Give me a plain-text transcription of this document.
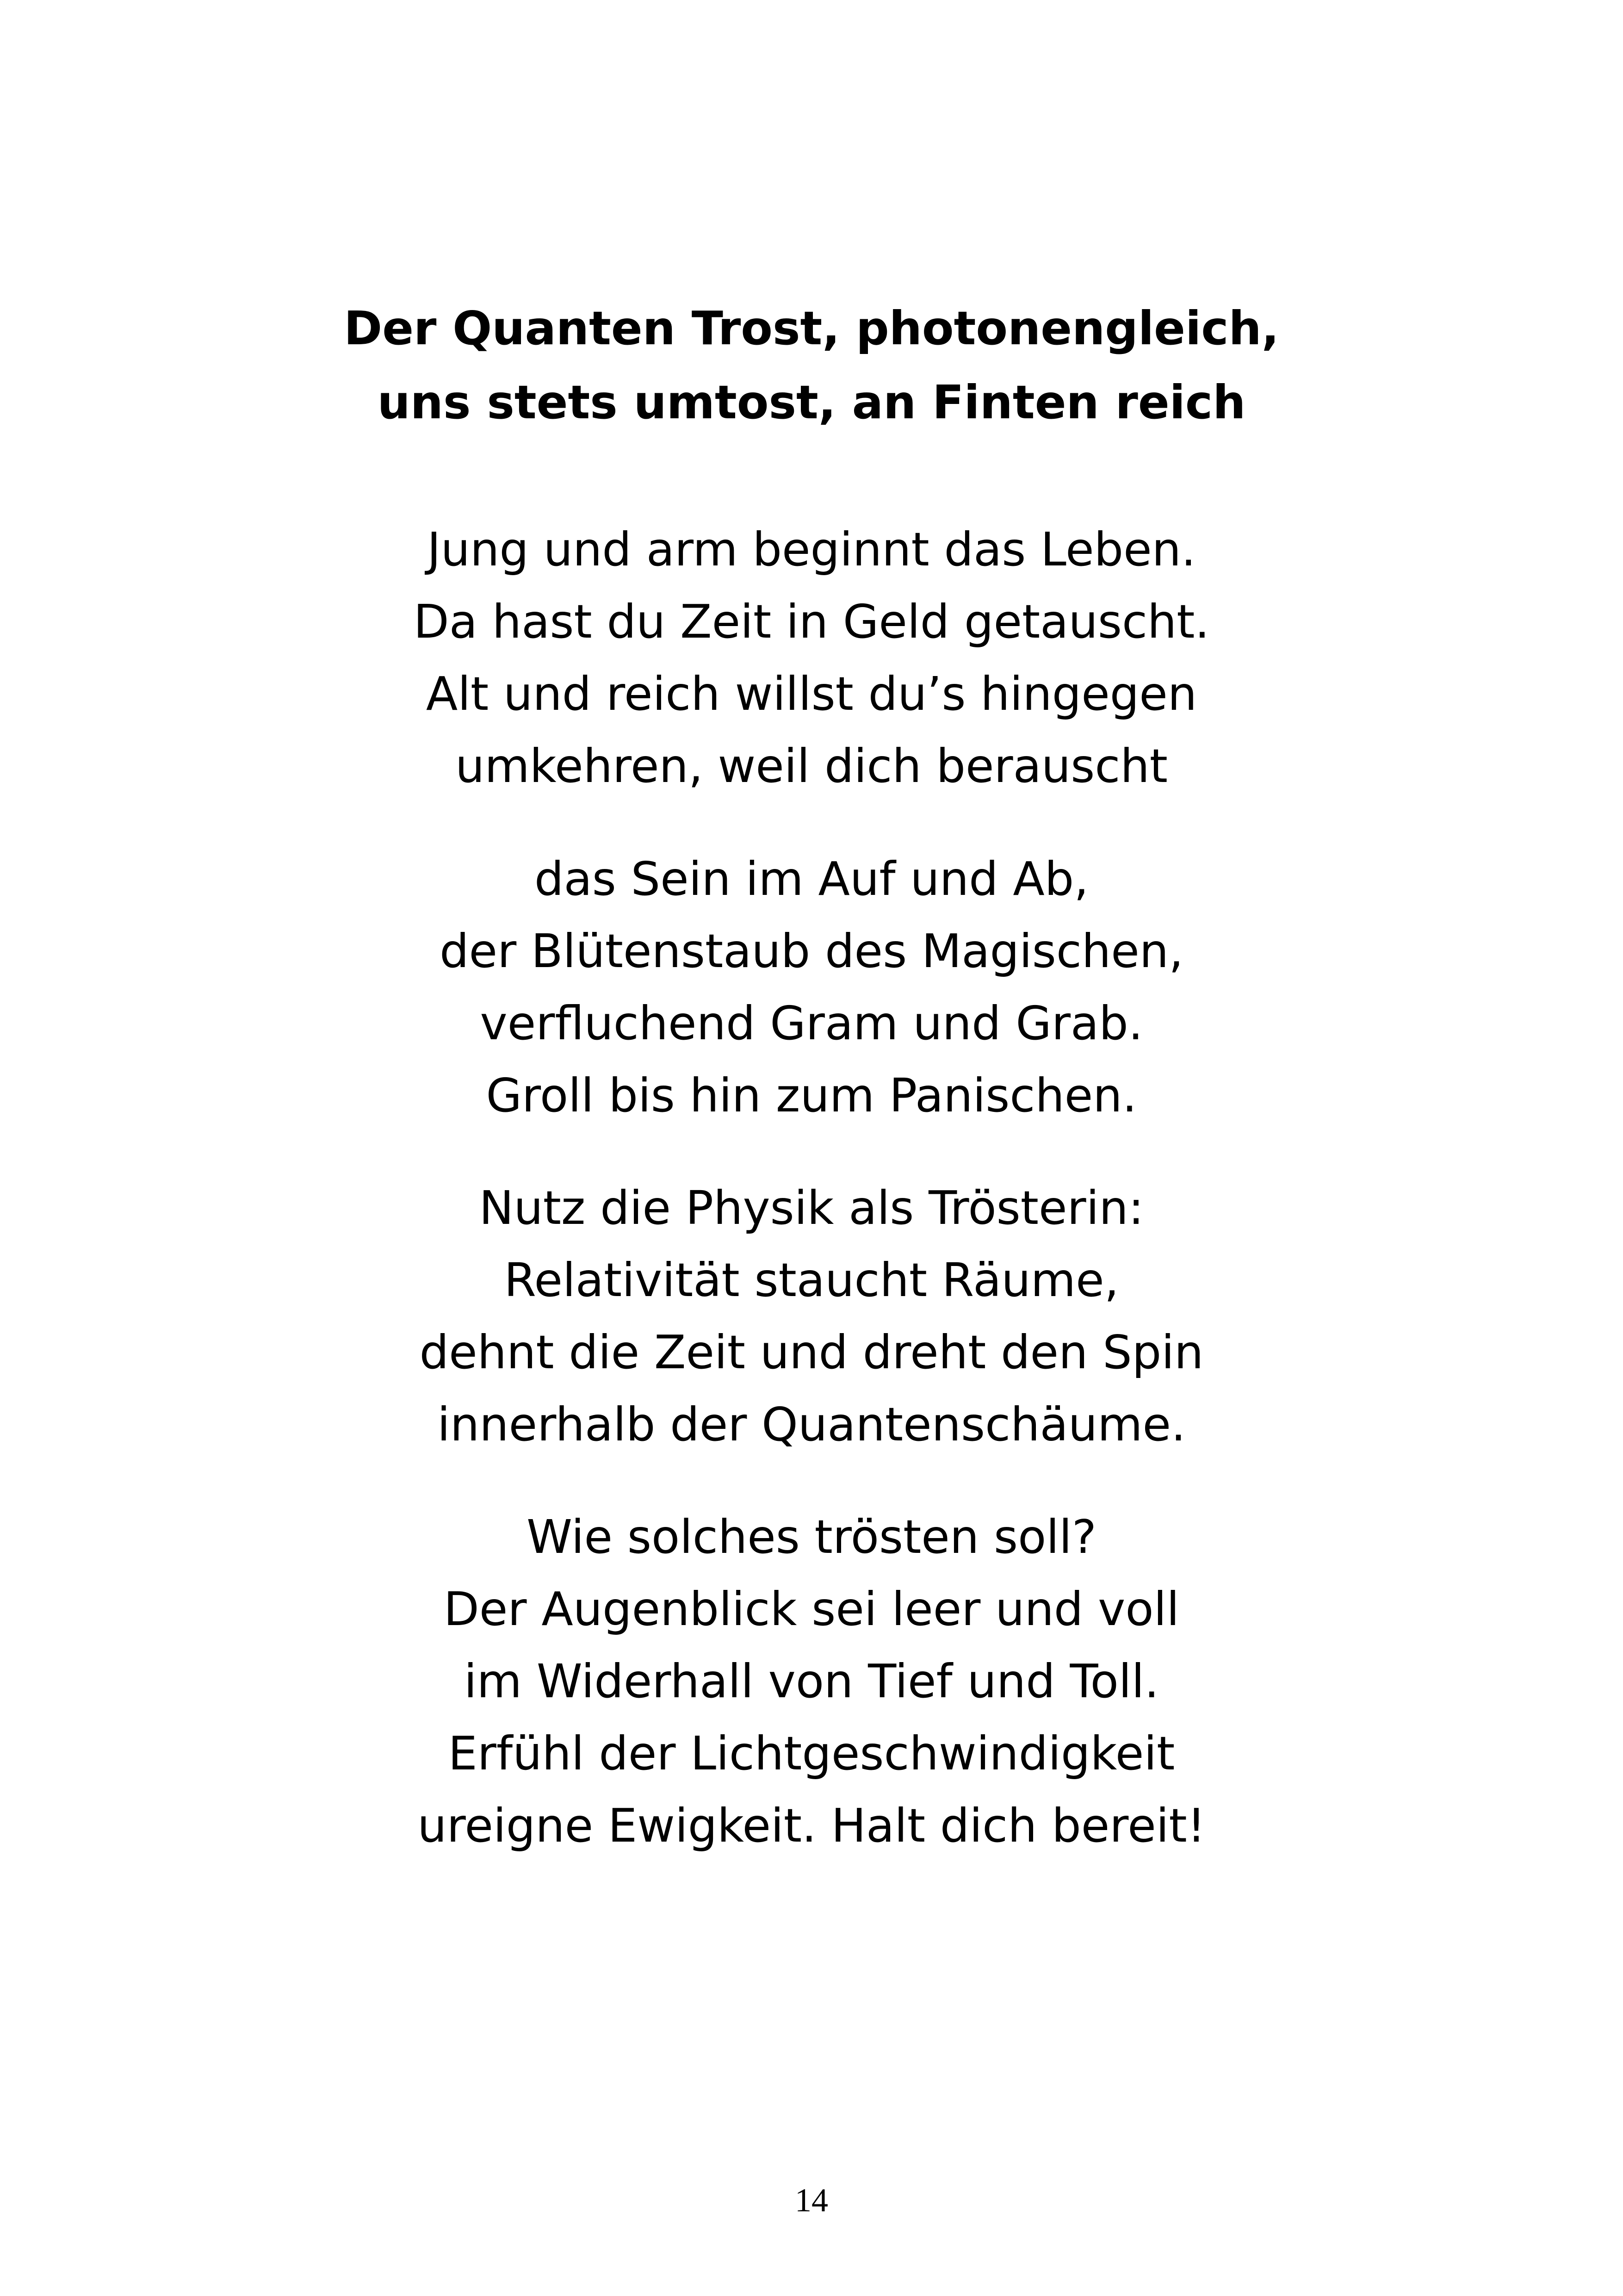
Der Quanten Trost, photonengleich,
uns stets umtost, an Finten reich
Jung und arm beginnt das Leben.
Da hast du Zeit in Geld getauscht.
Alt und reich willst du’s hingegen
umkehren, weil dich berauscht
das Sein im Auf und Ab,
der Blütenstaub des Magischen,
verfluchend Gram und Grab.
Groll bis hin zum Panischen.
Nutz die Physik als Trösterin:
Relativität staucht Räume,
dehnt die Zeit und dreht den Spin
innerhalb der Quantenschäume.
Wie solches trösten soll?
Der Augenblick sei leer und voll
im Widerhall von Tief und Toll.
Erfühl der Lichtgeschwindigkeit
ureigne Ewigkeit. Halt dich bereit!
14
